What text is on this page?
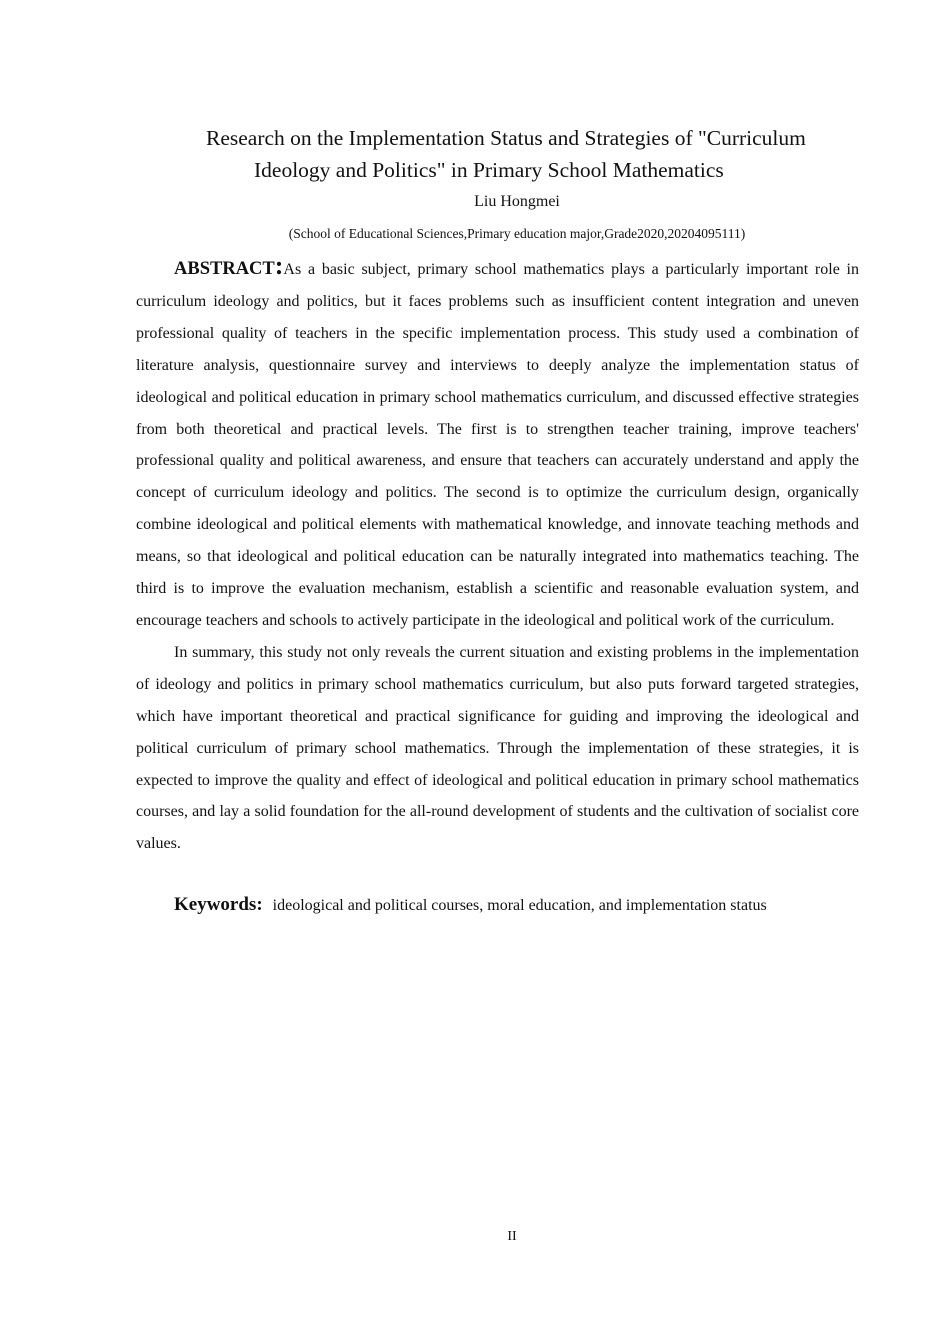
Research on the Implementation Status and Strategies of "Curriculum
Ideology and Politics" in Primary School Mathematics
Liu Hongmei
(School of Educational Sciences,Primary education major,Grade2020,20204095111)

ABSTRACT:As a basic subject, primary school mathematics plays a particularly important role in curriculum ideology and politics, but it faces problems such as insufficient content integration and uneven professional quality of teachers in the specific implementation process. This study used a combination of literature analysis, questionnaire survey and interviews to deeply analyze the implementation status of ideological and political education in primary school mathematics curriculum, and discussed effective strategies from both theoretical and practical levels. The first is to strengthen teacher training, improve teachers' professional quality and political awareness, and ensure that teachers can accurately understand and apply the concept of curriculum ideology and politics. The second is to optimize the curriculum design, organically combine ideological and political elements with mathematical knowledge, and innovate teaching methods and means, so that ideological and political education can be naturally integrated into mathematics teaching. The third is to improve the evaluation mechanism, establish a scientific and reasonable evaluation system, and encourage teachers and schools to actively participate in the ideological and political work of the curriculum.

In summary, this study not only reveals the current situation and existing problems in the implementation of ideology and politics in primary school mathematics curriculum, but also puts forward targeted strategies, which have important theoretical and practical significance for guiding and improving the ideological and political curriculum of primary school mathematics. Through the implementation of these strategies, it is expected to improve the quality and effect of ideological and political education in primary school mathematics courses, and lay a solid foundation for the all-round development of students and the cultivation of socialist core values.

Keywords: ideological and political courses, moral education, and implementation status
II
